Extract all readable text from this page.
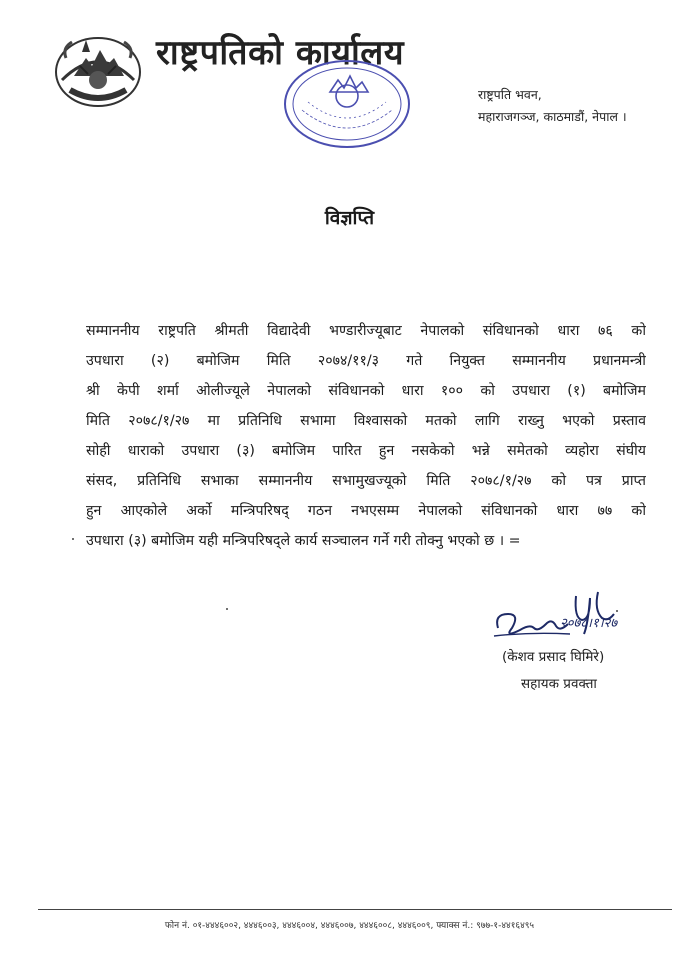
राष्ट्रपतिको कार्यालय
राष्ट्रपति भवन,
महाराजगञ्ज, काठमाडौं, नेपाल ।
विज्ञप्ति
सम्माननीय राष्ट्रपति श्रीमती विद्यादेवी भण्डारीज्यूबाट नेपालको संविधानको धारा ७६ को
उपधारा (२) बमोजिम मिति २०७४/११/३ गते नियुक्त सम्माननीय प्रधानमन्त्री
श्री केपी शर्मा ओलीज्यूले नेपालको संविधानको धारा १०० को उपधारा (१) बमोजिम
मिति २०७८/१/२७ मा प्रतिनिधि सभामा विश्वासको मतको लागि राख्नु भएको प्रस्ताव
सोही धाराको उपधारा (३) बमोजिम पारित हुन नसकेको भन्ने समेतको व्यहोरा संघीय
संसद, प्रतिनिधि सभाका सम्माननीय सभामुखज्यूको मिति २०७८/१/२७ को पत्र प्राप्त
हुन आएकोले अर्को मन्त्रिपरिषद् गठन नभएसम्म नेपालको संविधानको धारा ७७ को
उपधारा (३) बमोजिम यही मन्त्रिपरिषद्ले कार्य सञ्चालन गर्ने गरी तोक्नु भएको छ । =
२०७८।१।२७
(केशव प्रसाद घिमिरे)
सहायक प्रवक्ता
फोन नं. ०१-४४४६००२, ४४४६००३, ४४४६००४, ४४४६००७, ४४४६००८, ४४४६००९, फ्याक्स नं.: ९७७-१-४४१६४९५
